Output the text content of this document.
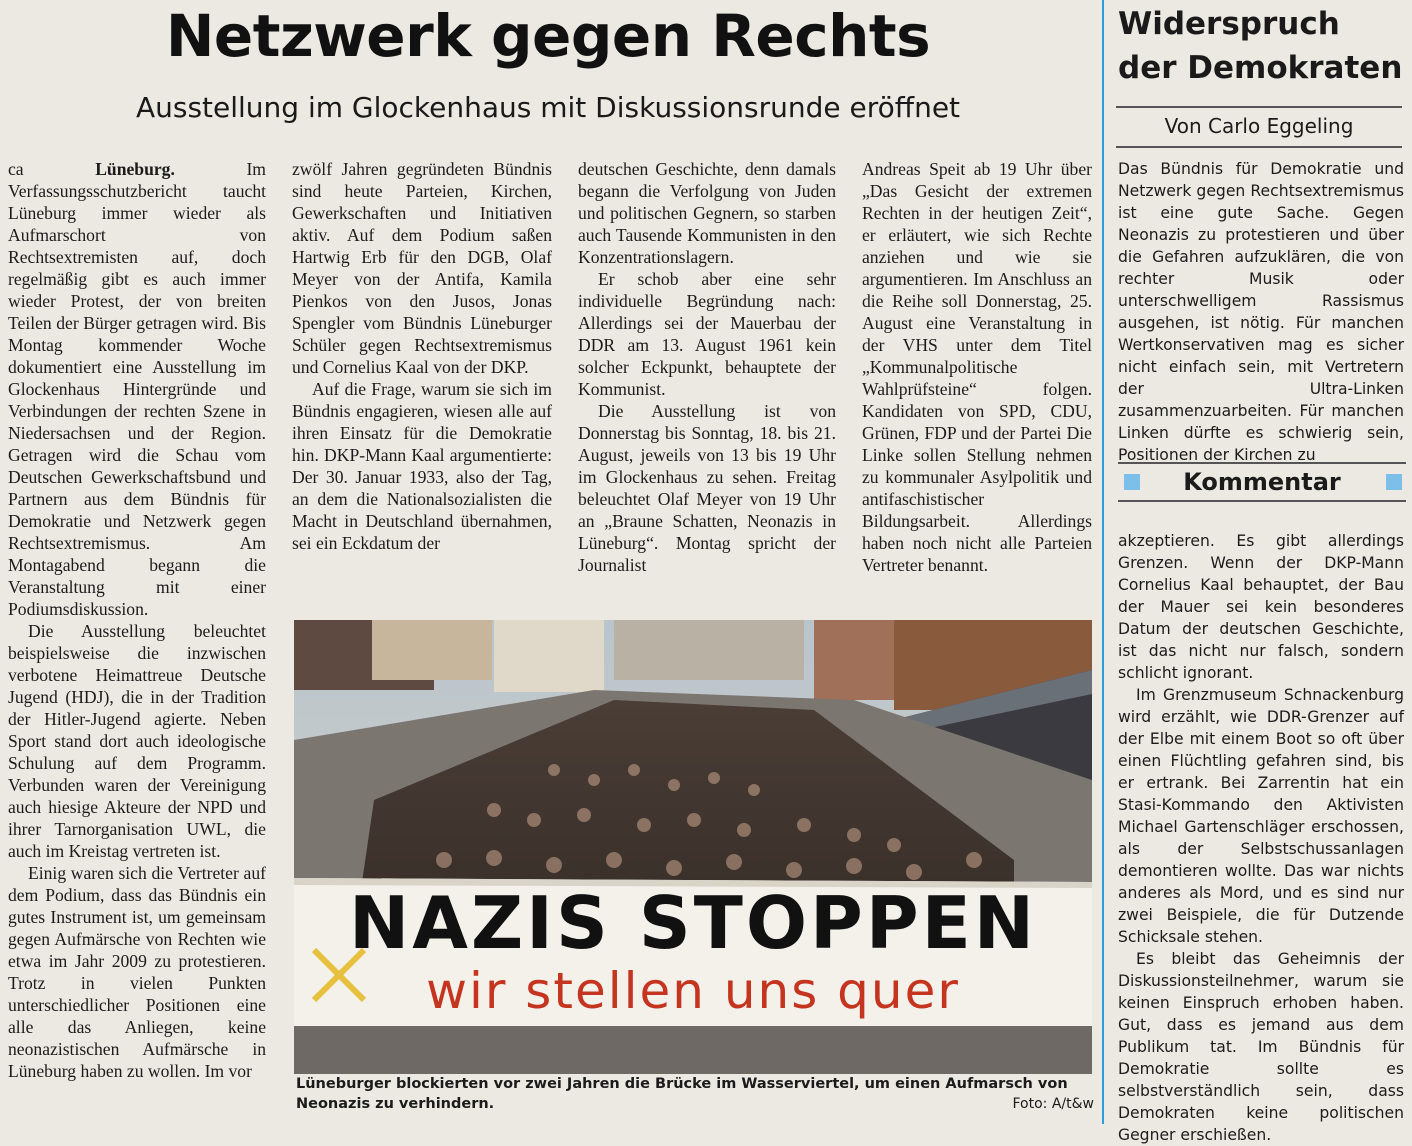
Netzwerk gegen Rechts
Ausstellung im Glockenhaus mit Diskussionsrunde eröffnet

ca	Lüneburg.	Im Verfassungsschutzbericht taucht Lüneburg immer wieder als Aufmarschort von Rechtsextremisten auf, doch regelmäßig gibt es auch immer wieder Protest, der von breiten Teilen der Bürger getragen wird. Bis Montag kommender Woche dokumentiert eine Ausstellung im Glockenhaus Hintergründe und Verbindungen der rechten Szene in Niedersachsen und der Region. Getragen wird die Schau vom Deutschen Gewerkschaftsbund und Partnern aus dem Bündnis für Demokratie und Netzwerk gegen Rechtsextremismus. Am Montagabend begann die Veranstaltung mit einer Podiumsdiskussion.

Die Ausstellung beleuchtet beispielsweise die inzwischen verbotene Heimattreue Deutsche Jugend (HDJ), die in der Tradition der Hitler-Jugend agierte. Neben Sport stand dort auch ideologische Schulung auf dem Programm. Verbunden waren der Vereinigung auch hiesige Akteure der NPD und ihrer Tarnorganisation UWL, die auch im Kreistag vertreten ist.

Einig waren sich die Vertreter auf dem Podium, dass das Bündnis ein gutes Instrument ist, um gemeinsam gegen Aufmärsche von Rechten wie etwa im Jahr 2009 zu protestieren. Trotz in vielen Punkten unterschiedlicher Positionen eine alle das Anliegen, keine neonazistischen Aufmärsche in Lüneburg haben zu wollen. Im vor

zwölf Jahren gegründeten Bündnis sind heute Parteien, Kirchen, Gewerkschaften und Initiativen aktiv. Auf dem Podium saßen Hartwig Erb für den DGB, Olaf Meyer von der Antifa, Kamila Pienkos von den Jusos, Jonas Spengler vom Bündnis Lüneburger Schüler gegen Rechtsextremismus und Cornelius Kaal von der DKP.

Auf die Frage, warum sie sich im Bündnis engagieren, wiesen alle auf ihren Einsatz für die Demokratie hin. DKP-Mann Kaal argumentierte: Der 30. Januar 1933, also der Tag, an dem die Nationalsozialisten die Macht in Deutschland übernahmen, sei ein Eckdatum der

deutschen Geschichte, denn damals begann die Verfolgung von Juden und politischen Gegnern, so starben auch Tausende Kommunisten in den Konzentrationslagern.

Er schob aber eine sehr individuelle Begründung nach: Allerdings sei der Mauerbau der DDR am 13. August 1961 kein solcher Eckpunkt, behauptete der Kommunist.

Die Ausstellung ist von Donnerstag bis Sonntag, 18. bis 21. August, jeweils von 13 bis 19 Uhr im Glockenhaus zu sehen. Freitag beleuchtet Olaf Meyer von 19 Uhr an „Braune Schatten, Neonazis in Lüneburg“. Montag spricht der Journalist

Andreas Speit ab 19 Uhr über „Das Gesicht der extremen Rechten in der heutigen Zeit“, er erläutert, wie sich Rechte anziehen und wie sie argumentieren. Im Anschluss an die Reihe soll Donnerstag, 25. August eine Veranstaltung in der VHS unter dem Titel „Kommunalpolitische Wahlprüfsteine“ folgen. Kandidaten von SPD, CDU, Grünen, FDP und der Partei Die Linke sollen Stellung nehmen zu kommunaler Asylpolitik und antifaschistischer Bildungsarbeit. Allerdings haben noch nicht alle Parteien Vertreter benannt.

NAZIS STOPPEN
wir stellen uns quer
Lüneburger blockierten vor zwei Jahren die Brücke im Wasserviertel, um einen Aufmarsch von Neonazis zu verhindern.	Foto: A/t&w
Widerspruch der Demokraten
Von Carlo Eggeling

Das Bündnis für Demokratie und Netzwerk gegen Rechtsextremismus ist eine gute Sache. Gegen Neonazis zu protestieren und über die Gefahren aufzuklären, die von rechter Musik oder unterschwelligem Rassismus ausgehen, ist nötig. Für manchen Wertkonservativen mag es sicher nicht einfach sein, mit Vertretern der Ultra-Linken zusammenzuarbeiten. Für manchen Linken dürfte es schwierig sein, Positionen der Kirchen zu

Kommentar

akzeptieren. Es gibt allerdings Grenzen. Wenn der DKP-Mann Cornelius Kaal behauptet, der Bau der Mauer sei kein besonderes Datum der deutschen Geschichte, ist das nicht nur falsch, sondern schlicht ignorant.

Im Grenzmuseum Schnackenburg wird erzählt, wie DDR-Grenzer auf der Elbe mit einem Boot so oft über einen Flüchtling gefahren sind, bis er ertrank. Bei Zarrentin hat ein Stasi-Kommando den Aktivisten Michael Gartenschläger erschossen, als der Selbstschussanlagen demontieren wollte. Das war nichts anderes als Mord, und es sind nur zwei Beispiele, die für Dutzende Schicksale stehen.

Es bleibt das Geheimnis der Diskussionsteilnehmer, warum sie keinen Einspruch erhoben haben. Gut, dass es jemand aus dem Publikum tat. Im Bündnis für Demokratie sollte es selbstverständlich sein, dass Demokraten keine politischen Gegner erschießen.
